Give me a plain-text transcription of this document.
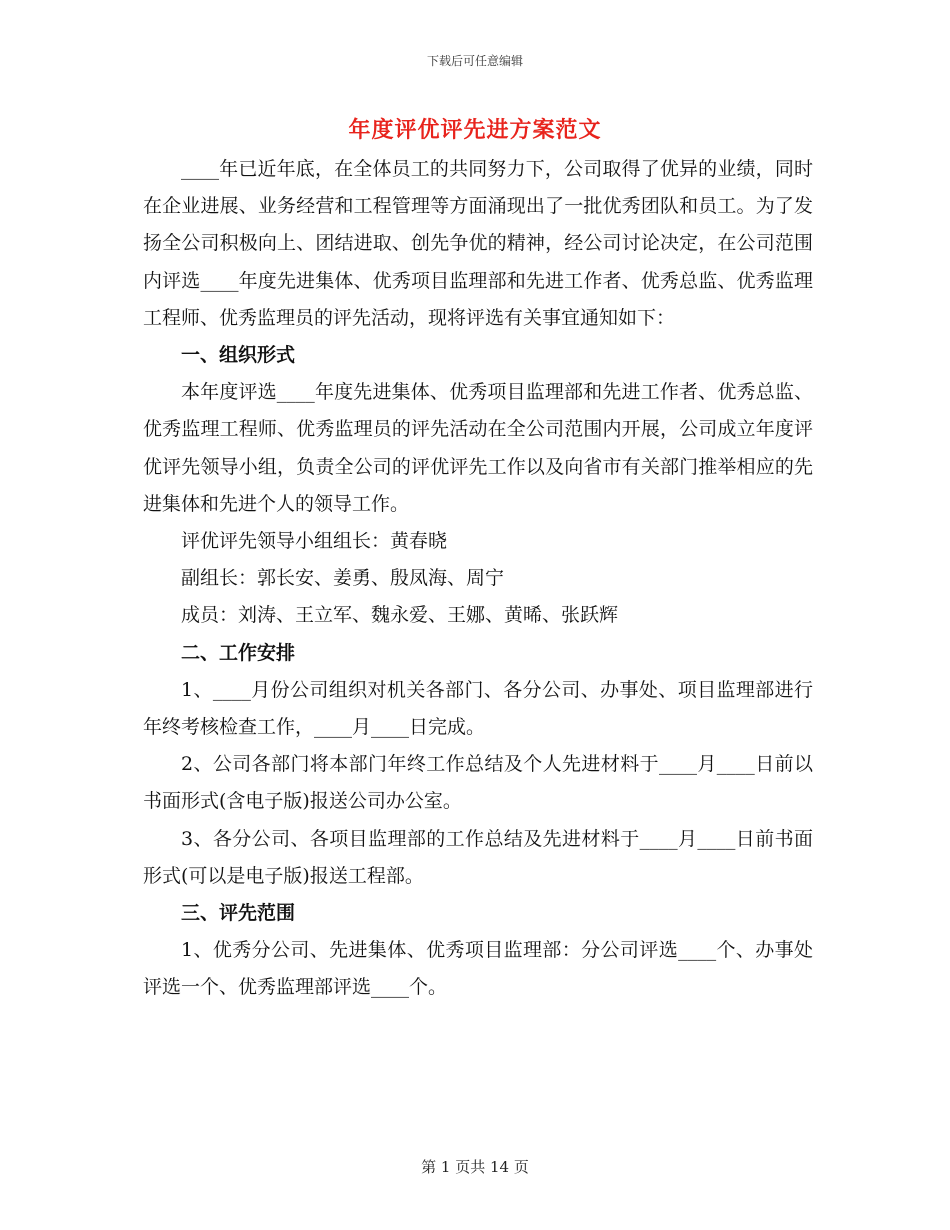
下载后可任意编辑
年度评优评先进方案范文

____年已近年底，在全体员工的共同努力下，公司取得了优异的业绩，同时在企业进展、业务经营和工程管理等方面涌现出了一批优秀团队和员工。为了发扬全公司积极向上、团结进取、创先争优的精神，经公司讨论决定，在公司范围内评选____年度先进集体、优秀项目监理部和先进工作者、优秀总监、优秀监理工程师、优秀监理员的评先活动，现将评选有关事宜通知如下：

一、组织形式

本年度评选____年度先进集体、优秀项目监理部和先进工作者、优秀总监、优秀监理工程师、优秀监理员的评先活动在全公司范围内开展，公司成立年度评优评先领导小组，负责全公司的评优评先工作以及向省市有关部门推举相应的先进集体和先进个人的领导工作。

评优评先领导小组组长：黄春晓

副组长：郭长安、姜勇、殷凤海、周宁

成员：刘涛、王立军、魏永爱、王娜、黄晞、张跃辉

二、工作安排

1、____月份公司组织对机关各部门、各分公司、办事处、项目监理部进行年终考核检查工作，____月____日完成。

2、公司各部门将本部门年终工作总结及个人先进材料于____月____日前以书面形式(含电子版)报送公司办公室。

3、各分公司、各项目监理部的工作总结及先进材料于____月____日前书面形式(可以是电子版)报送工程部。

三、评先范围

1、优秀分公司、先进集体、优秀项目监理部：分公司评选____个、办事处评选一个、优秀监理部评选____个。

第 1 页共 14 页
